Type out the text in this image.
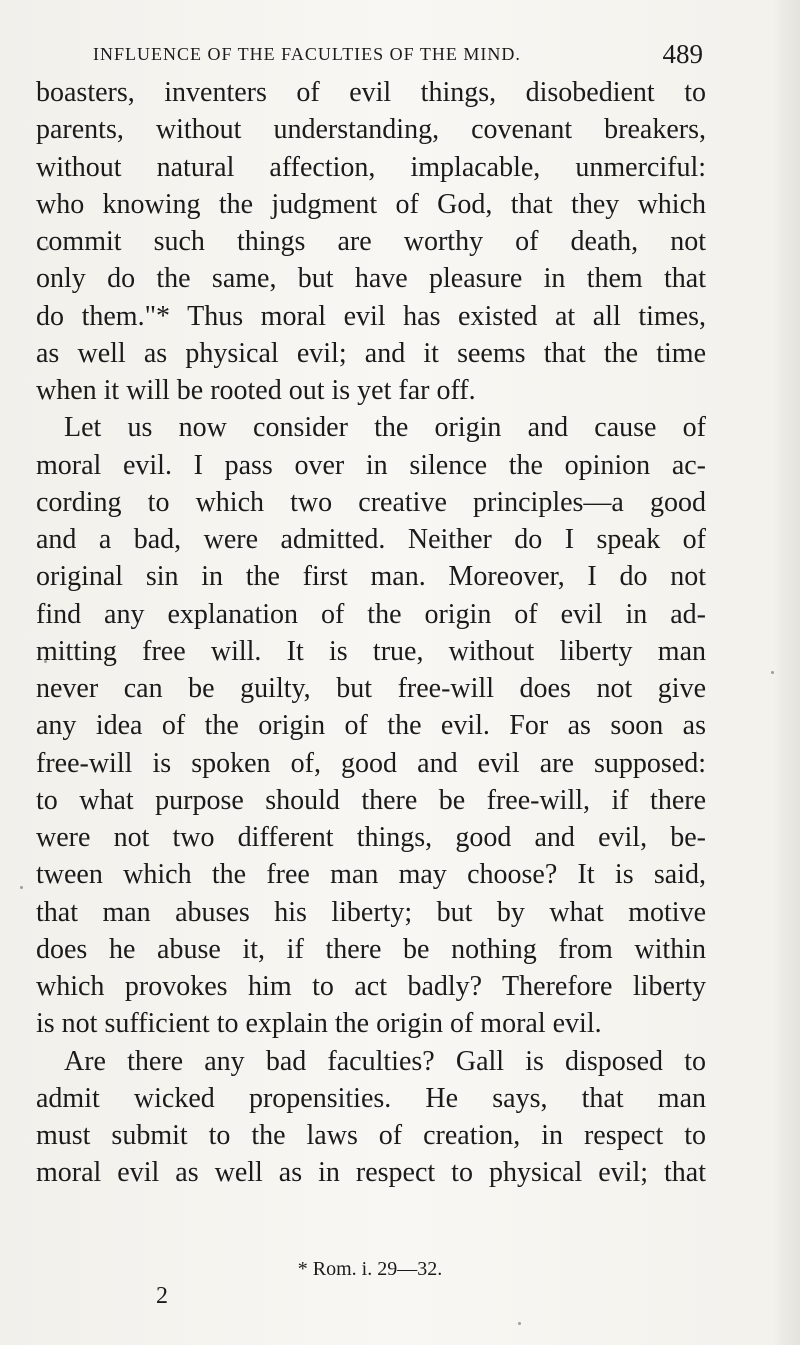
INFLUENCE OF THE FACULTIES OF THE MIND.	489
boasters, inventers of evil things, disobedient to
parents, without understanding, covenant breakers,
without natural affection, implacable, unmerciful:
who knowing the judgment of God, that they which
commit such things are worthy of death, not
only do the same, but have pleasure in them that
do them."* Thus moral evil has existed at all times,
as well as physical evil; and it seems that the time
when it will be rooted out is yet far off.
Let us now consider the origin and cause of
moral evil. I pass over in silence the opinion ac-
cording to which two creative principles—a good
and a bad, were admitted. Neither do I speak of
original sin in the first man. Moreover, I do not
find any explanation of the origin of evil in ad-
mitting free will. It is true, without liberty man
never can be guilty, but free-will does not give
any idea of the origin of the evil. For as soon as
free-will is spoken of, good and evil are supposed:
to what purpose should there be free-will, if there
were not two different things, good and evil, be-
tween which the free man may choose? It is said,
that man abuses his liberty; but by what motive
does he abuse it, if there be nothing from within
which provokes him to act badly? Therefore liberty
is not sufficient to explain the origin of moral evil.
Are there any bad faculties? Gall is disposed to
admit wicked propensities. He says, that man
must submit to the laws of creation, in respect to
moral evil as well as in respect to physical evil; that
* Rom. i. 29—32.
2
